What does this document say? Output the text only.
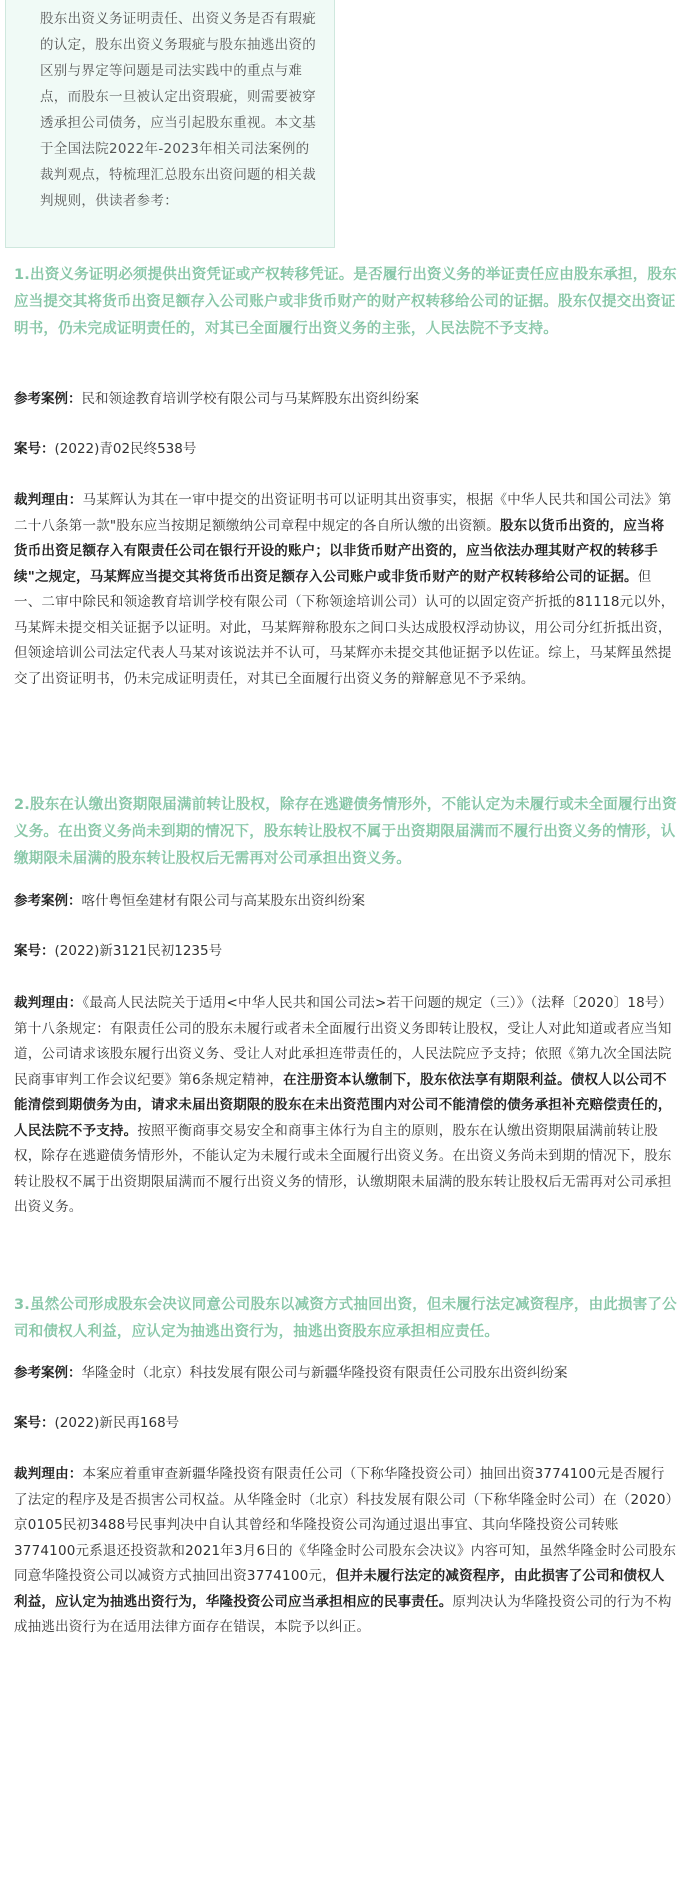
股东出资义务证明责任、出资义务是否有瑕疵的认定，股东出资义务瑕疵与股东抽逃出资的区别与界定等问题是司法实践中的重点与难点，而股东一旦被认定出资瑕疵，则需要被穿透承担公司债务，应当引起股东重视。本文基于全国法院2022年-2023年相关司法案例的裁判观点，特梳理汇总股东出资问题的相关裁判规则，供读者参考：

1.出资义务证明必须提供出资凭证或产权转移凭证。是否履行出资义务的举证责任应由股东承担，股东应当提交其将货币出资足额存入公司账户或非货币财产的财产权转移给公司的证据。股东仅提交出资证明书，仍未完成证明责任的，对其已全面履行出资义务的主张，人民法院不予支持。
参考案例：民和领途教育培训学校有限公司与马某辉股东出资纠纷案
案号：(2022)青02民终538号
裁判理由：马某辉认为其在一审中提交的出资证明书可以证明其出资事实，根据《中华人民共和国公司法》第二十八条第一款"股东应当按期足额缴纳公司章程中规定的各自所认缴的出资额。股东以货币出资的，应当将货币出资足额存入有限责任公司在银行开设的账户；以非货币财产出资的，应当依法办理其财产权的转移手续"之规定，马某辉应当提交其将货币出资足额存入公司账户或非货币财产的财产权转移给公司的证据。但一、二审中除民和领途教育培训学校有限公司（下称领途培训公司）认可的以固定资产折抵的81118元以外，马某辉未提交相关证据予以证明。对此，马某辉辩称股东之间口头达成股权浮动协议，用公司分红折抵出资，但领途培训公司法定代表人马某对该说法并不认可，马某辉亦未提交其他证据予以佐证。综上，马某辉虽然提交了出资证明书，仍未完成证明责任，对其已全面履行出资义务的辩解意见不予采纳。
2.股东在认缴出资期限届满前转让股权，除存在逃避债务情形外，不能认定为未履行或未全面履行出资义务。在出资义务尚未到期的情况下，股东转让股权不属于出资期限届满而不履行出资义务的情形，认缴期限未届满的股东转让股权后无需再对公司承担出资义务。
参考案例：喀什粤恒垒建材有限公司与高某股东出资纠纷案
案号：(2022)新3121民初1235号
裁判理由：《最高人民法院关于适用<中华人民共和国公司法>若干问题的规定（三）》（法释〔2020〕18号）第十八条规定：有限责任公司的股东未履行或者未全面履行出资义务即转让股权，受让人对此知道或者应当知道，公司请求该股东履行出资义务、受让人对此承担连带责任的，人民法院应予支持；依照《第九次全国法院民商事审判工作会议纪要》第6条规定精神，在注册资本认缴制下，股东依法享有期限利益。债权人以公司不能清偿到期债务为由，请求未届出资期限的股东在未出资范围内对公司不能清偿的债务承担补充赔偿责任的，人民法院不予支持。按照平衡商事交易安全和商事主体行为自主的原则，股东在认缴出资期限届满前转让股权，除存在逃避债务情形外，不能认定为未履行或未全面履行出资义务。在出资义务尚未到期的情况下，股东转让股权不属于出资期限届满而不履行出资义务的情形，认缴期限未届满的股东转让股权后无需再对公司承担出资义务。
3.虽然公司形成股东会决议同意公司股东以减资方式抽回出资，但未履行法定减资程序，由此损害了公司和债权人利益，应认定为抽逃出资行为，抽逃出资股东应承担相应责任。
参考案例：华隆金时（北京）科技发展有限公司与新疆华隆投资有限责任公司股东出资纠纷案
案号：(2022)新民再168号
裁判理由：本案应着重审查新疆华隆投资有限责任公司（下称华隆投资公司）抽回出资3774100元是否履行了法定的程序及是否损害公司权益。从华隆金时（北京）科技发展有限公司（下称华隆金时公司）在（2020）京0105民初3488号民事判决中自认其曾经和华隆投资公司沟通过退出事宜、其向华隆投资公司转账3774100元系退还投资款和2021年3月6日的《华隆金时公司股东会决议》内容可知，虽然华隆金时公司股东同意华隆投资公司以减资方式抽回出资3774100元，但并未履行法定的减资程序，由此损害了公司和债权人利益，应认定为抽逃出资行为，华隆投资公司应当承担相应的民事责任。原判决认为华隆投资公司的行为不构成抽逃出资行为在适用法律方面存在错误，本院予以纠正。
